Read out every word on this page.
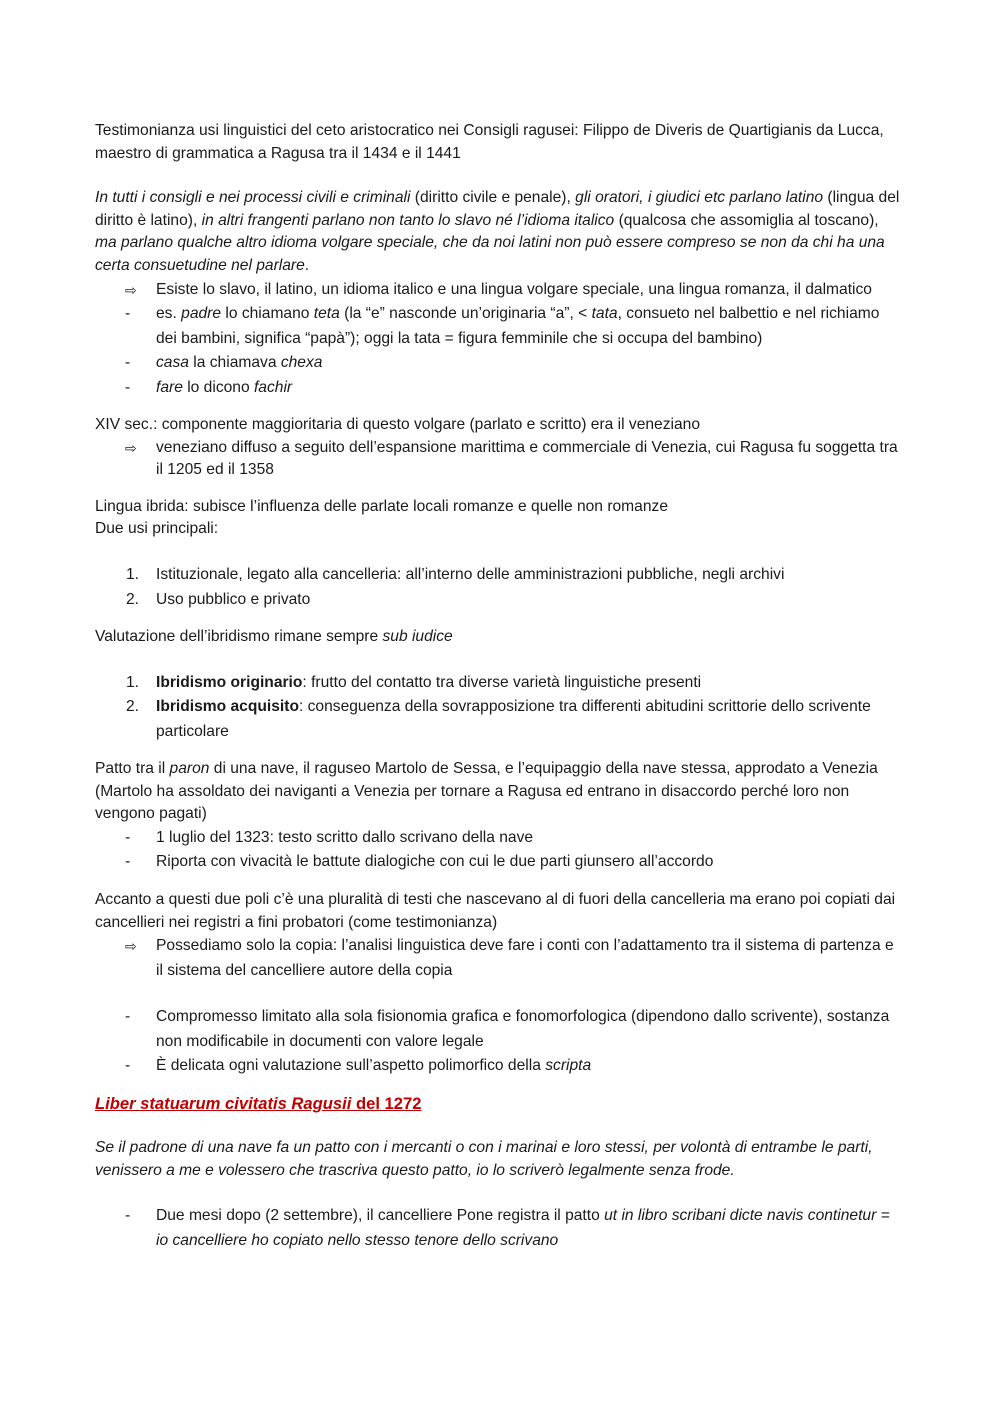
Testimonianza usi linguistici del ceto aristocratico nei Consigli ragusei: Filippo de Diveris de Quartigianis da Lucca, maestro di grammatica a Ragusa tra il 1434 e il 1441

In tutti i consigli e nei processi civili e criminali (diritto civile e penale), gli oratori, i giudici etc parlano latino (lingua del diritto è latino), in altri frangenti parlano non tanto lo slavo né l’idioma italico (qualcosa che assomiglia al toscano), ma parlano qualche altro idioma volgare speciale, che da noi latini non può essere compreso se non da chi ha una certa consuetudine nel parlare.

⇨	Esiste lo slavo, il latino, un idioma italico e una lingua volgare speciale, una lingua romanza, il dalmatico
-	es. padre lo chiamano teta (la “e” nasconde un’originaria “a”, < tata, consueto nel balbettio e nel richiamo dei bambini, significa “papà”); oggi la tata = figura femminile che si occupa del bambino)
-	casa la chiamava chexa
-	fare lo dicono fachir

XIV sec.: componente maggioritaria di questo volgare (parlato e scritto) era il veneziano

⇨	veneziano diffuso a seguito dell’espansione marittima e commerciale di Venezia, cui Ragusa fu soggetta tra il 1205 ed il 1358

Lingua ibrida: subisce l’influenza delle parlate locali romanze e quelle non romanze

Due usi principali:

1.	Istituzionale, legato alla cancelleria: all’interno delle amministrazioni pubbliche, negli archivi
2.	Uso pubblico e privato

Valutazione dell’ibridismo rimane sempre sub iudice

1.	Ibridismo originario: frutto del contatto tra diverse varietà linguistiche presenti
2.	Ibridismo acquisito: conseguenza della sovrapposizione tra differenti abitudini scrittorie dello scrivente particolare

Patto tra il paron di una nave, il raguseo Martolo de Sessa, e l’equipaggio della nave stessa, approdato a Venezia (Martolo ha assoldato dei naviganti a Venezia per tornare a Ragusa ed entrano in disaccordo perché loro non vengono pagati)

-	1 luglio del 1323: testo scritto dallo scrivano della nave
-	Riporta con vivacità le battute dialogiche con cui le due parti giunsero all’accordo

Accanto a questi due poli c’è una pluralità di testi che nascevano al di fuori della cancelleria ma erano poi copiati dai cancellieri nei registri a fini probatori (come testimonianza)

⇨	Possediamo solo la copia: l’analisi linguistica deve fare i conti con l’adattamento tra il sistema di partenza e il sistema del cancelliere autore della copia
-	Compromesso limitato alla sola fisionomia grafica e fonomorfologica (dipendono dallo scrivente), sostanza non modificabile in documenti con valore legale
-	È delicata ogni valutazione sull’aspetto polimorfico della scripta

Liber statuarum civitatis Ragusii del 1272

Se il padrone di una nave fa un patto con i mercanti o con i marinai e loro stessi, per volontà di entrambe le parti, venissero a me e volessero che trascriva questo patto, io lo scriverò legalmente senza frode.

-	Due mesi dopo (2 settembre), il cancelliere Pone registra il patto ut in libro scribani dicte navis continetur = io cancelliere ho copiato nello stesso tenore dello scrivano
